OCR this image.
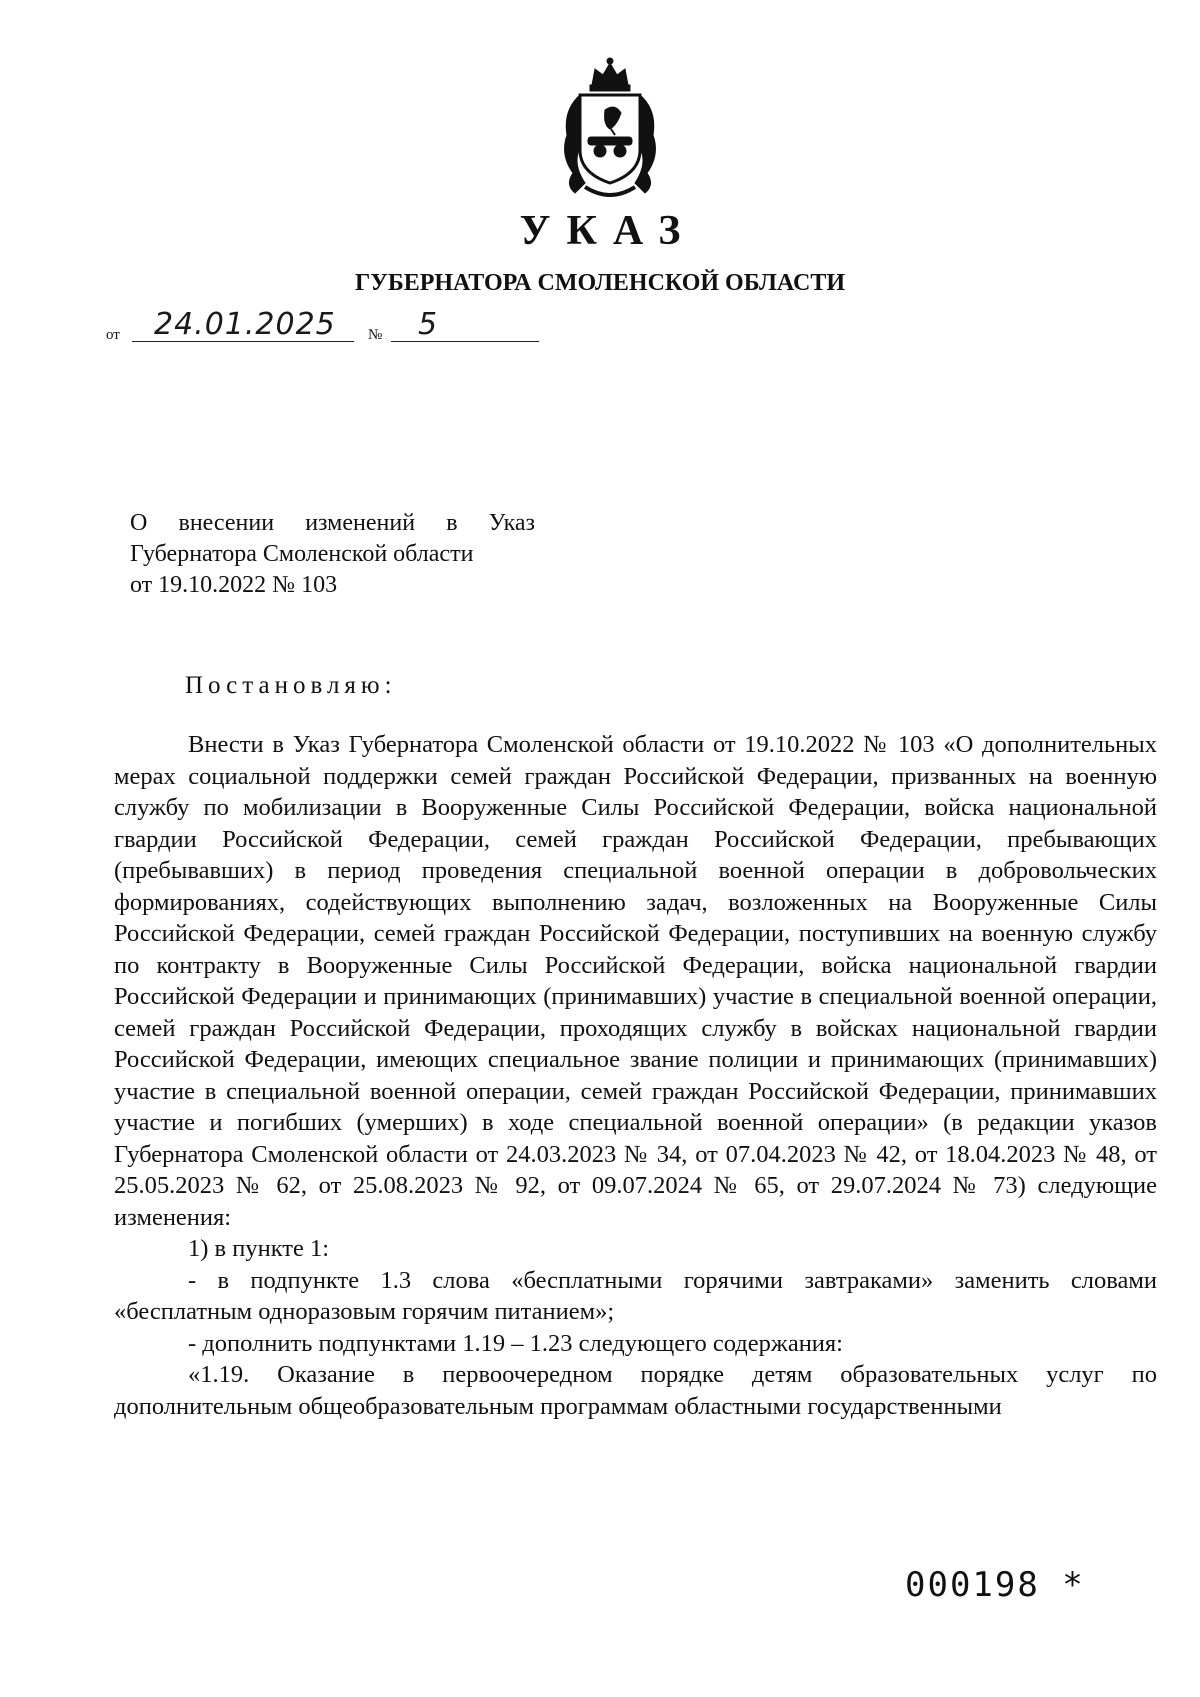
УКАЗ
ГУБЕРНАТОРА СМОЛЕНСКОЙ ОБЛАСТИ
от 24.01.2025 № 5
О внесении изменений в Указ
Губернатора Смоленской области
от 19.10.2022 № 103
Постановляю:
Внести в Указ Губернатора Смоленской области от 19.10.2022 № 103 «О дополнительных мерах социальной поддержки семей граждан Российской Федерации, призванных на военную службу по мобилизации в Вооруженные Силы Российской Федерации, войска национальной гвардии Российской Федерации, семей граждан Российской Федерации, пребывающих (пребывавших) в период проведения специальной военной операции в добровольческих формированиях, содействующих выполнению задач, возложенных на Вооруженные Силы Российской Федерации, семей граждан Российской Федерации, поступивших на военную службу по контракту в Вооруженные Силы Российской Федерации, войска национальной гвардии Российской Федерации и принимающих (принимавших) участие в специальной военной операции, семей граждан Российской Федерации, проходящих службу в войсках национальной гвардии Российской Федерации, имеющих специальное звание полиции и принимающих (принимавших) участие в специальной военной операции, семей граждан Российской Федерации, принимавших участие и погибших (умерших) в ходе специальной военной операции» (в редакции указов Губернатора Смоленской области от 24.03.2023 № 34, от 07.04.2023 № 42, от 18.04.2023 № 48, от 25.05.2023 № 62, от 25.08.2023 № 92, от 09.07.2024 № 65, от 29.07.2024 № 73) следующие изменения:
1) в пункте 1:
- в подпункте 1.3 слова «бесплатными горячими завтраками» заменить словами «бесплатным одноразовым горячим питанием»;
- дополнить подпунктами 1.19 – 1.23 следующего содержания:
«1.19. Оказание в первоочередном порядке детям образовательных услуг по дополнительным общеобразовательным программам областными государственными
000198 *
